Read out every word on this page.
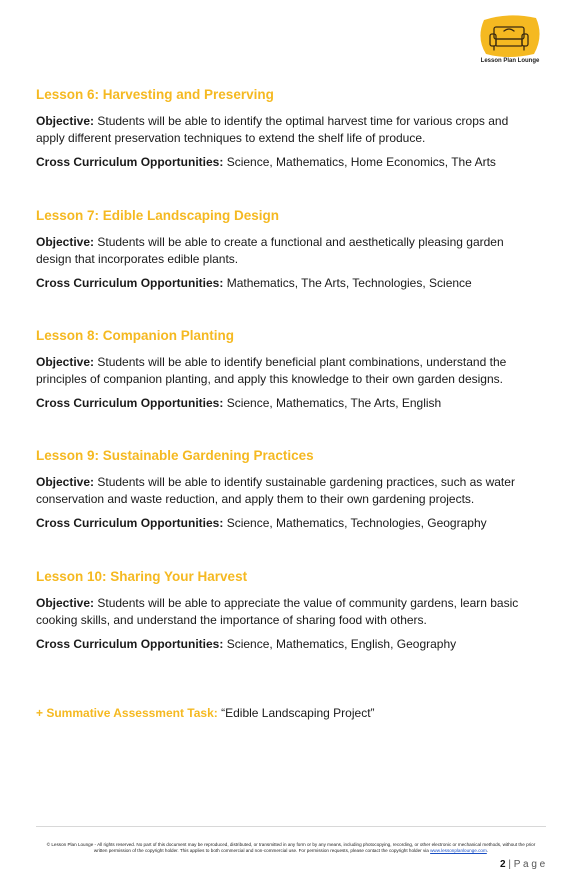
Lesson Plan Lounge
Lesson 6: Harvesting and Preserving
Objective: Students will be able to identify the optimal harvest time for various crops and apply different preservation techniques to extend the shelf life of produce.
Cross Curriculum Opportunities: Science, Mathematics, Home Economics, The Arts
Lesson 7: Edible Landscaping Design
Objective: Students will be able to create a functional and aesthetically pleasing garden design that incorporates edible plants.
Cross Curriculum Opportunities: Mathematics, The Arts, Technologies, Science
Lesson 8: Companion Planting
Objective: Students will be able to identify beneficial plant combinations, understand the principles of companion planting, and apply this knowledge to their own garden designs.
Cross Curriculum Opportunities: Science, Mathematics, The Arts, English
Lesson 9: Sustainable Gardening Practices
Objective: Students will be able to identify sustainable gardening practices, such as water conservation and waste reduction, and apply them to their own gardening projects.
Cross Curriculum Opportunities: Science, Mathematics, Technologies, Geography
Lesson 10: Sharing Your Harvest
Objective: Students will be able to appreciate the value of community gardens, learn basic cooking skills, and understand the importance of sharing food with others.
Cross Curriculum Opportunities: Science, Mathematics, English, Geography
+ Summative Assessment Task: “Edible Landscaping Project”
© Lesson Plan Lounge - All rights reserved. No part of this document may be reproduced, distributed, or transmitted in any form or by any means, including photocopying, recording, or other electronic or mechanical methods, without the prior written permission of the copyright holder. This applies to both commercial and non-commercial use. For permission requests, please contact the copyright holder via www.lessonplanlounge.com.
2 | P a g e
